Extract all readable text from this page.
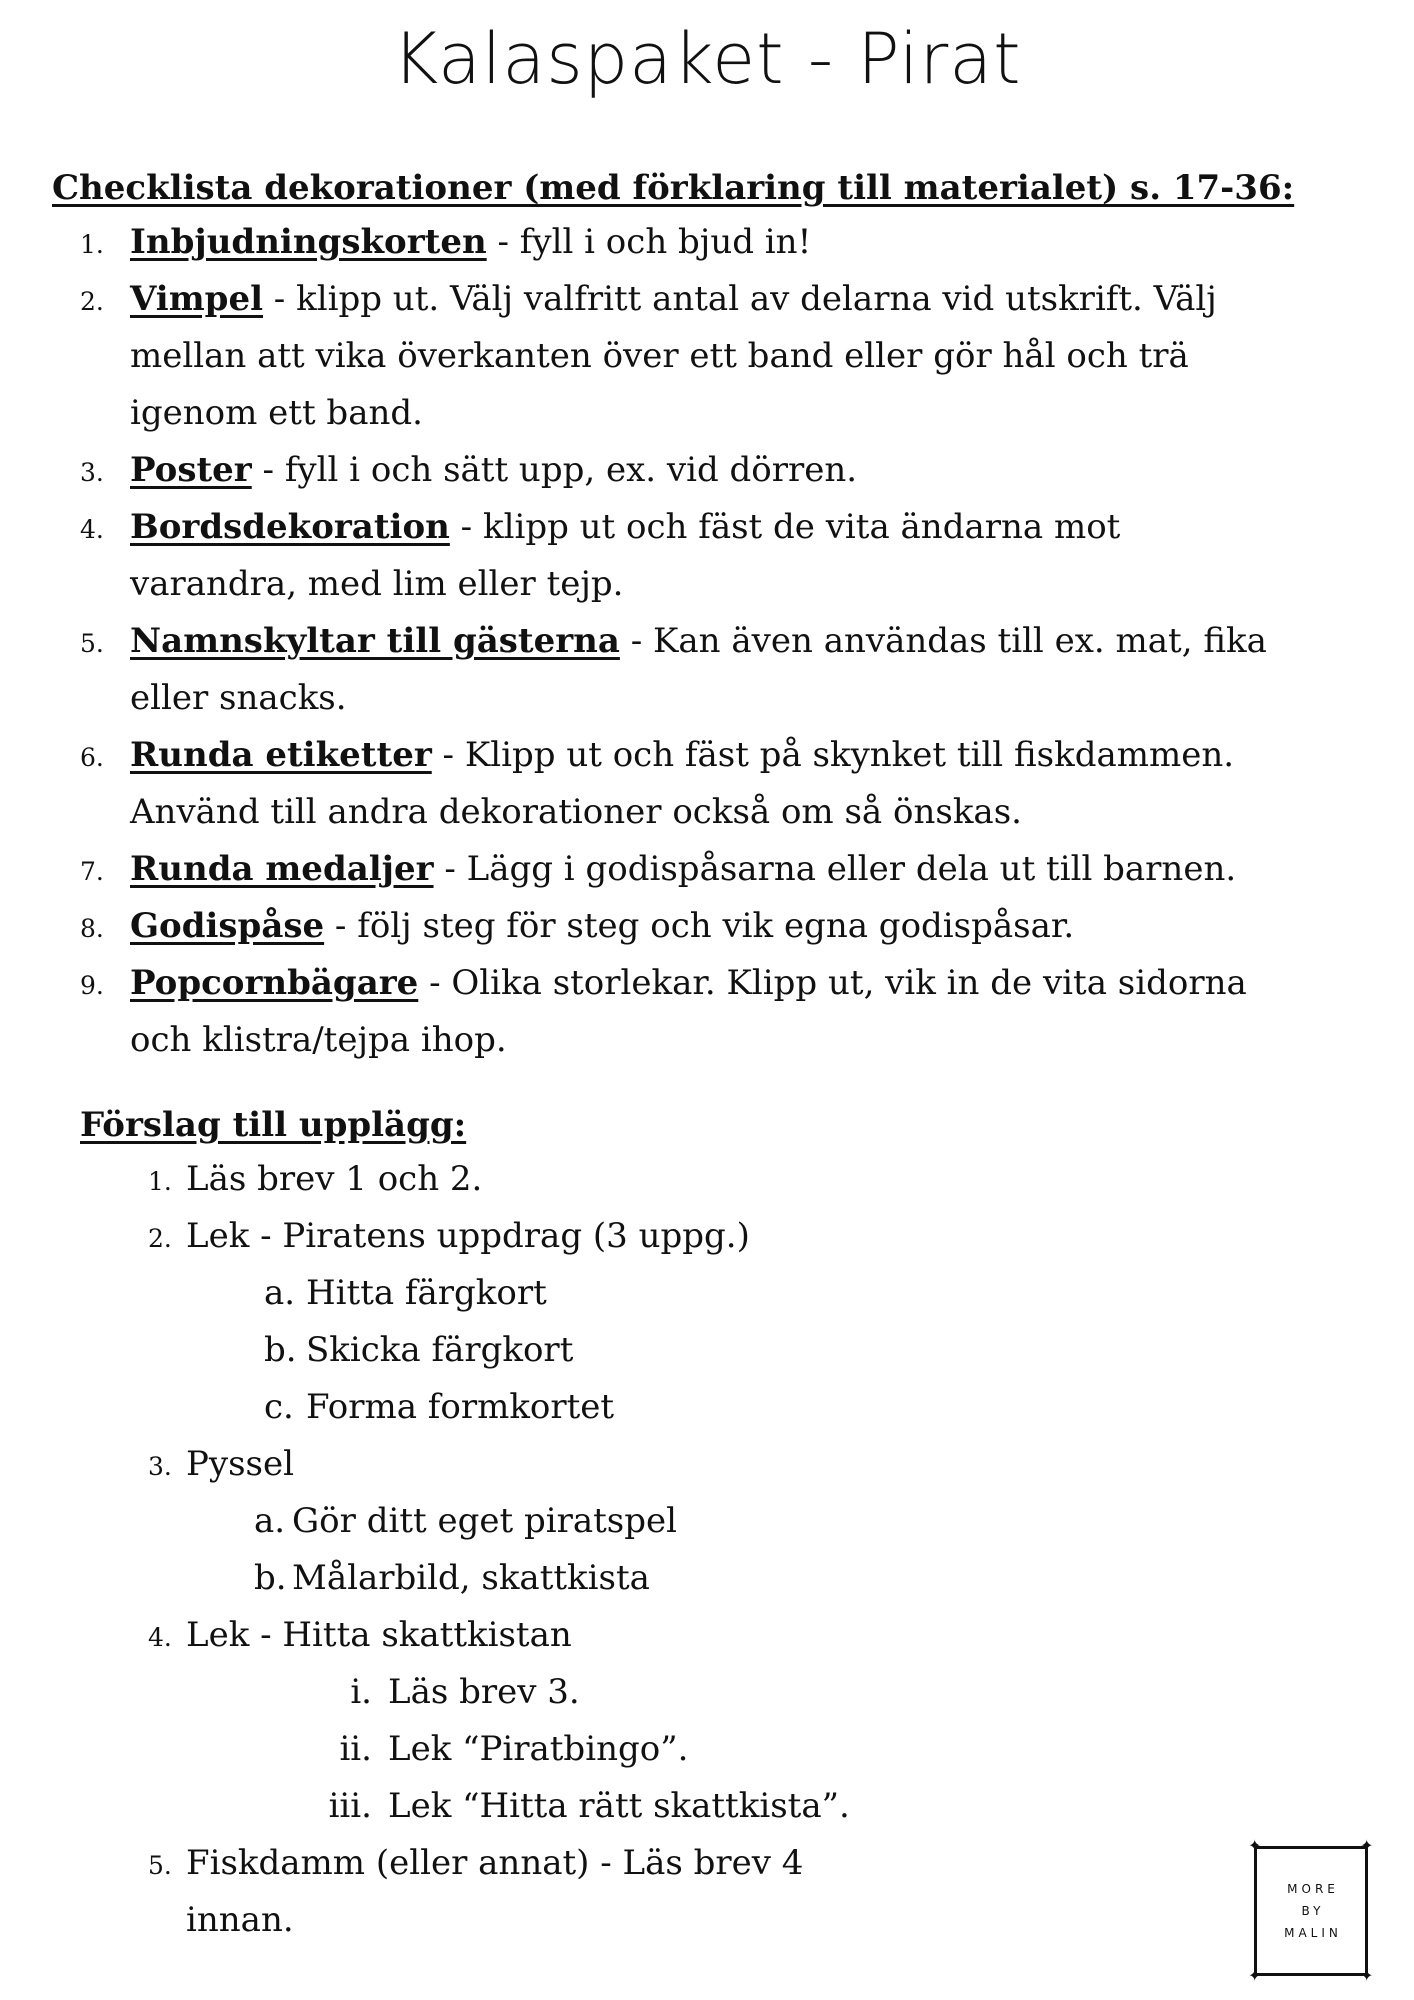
Kalaspaket - Pirat

Checklista dekorationer (med förklaring till materialet) s. 17-36:

1. Inbjudningskorten - fyll i och bjud in!
2. Vimpel - klipp ut. Välj valfritt antal av delarna vid utskrift. Välj mellan att vika överkanten över ett band eller gör hål och trä igenom ett band.
3. Poster - fyll i och sätt upp, ex. vid dörren.
4. Bordsdekoration - klipp ut och fäst de vita ändarna mot varandra, med lim eller tejp.
5. Namnskyltar till gästerna - Kan även användas till ex. mat, fika eller snacks.
6. Runda etiketter - Klipp ut och fäst på skynket till fiskdammen. Använd till andra dekorationer också om så önskas.
7. Runda medaljer - Lägg i godispåsarna eller dela ut till barnen.
8. Godispåse - följ steg för steg och vik egna godispåsar.
9. Popcornbägare - Olika storlekar. Klipp ut, vik in de vita sidorna och klistra/tejpa ihop.

Förslag till upplägg:

1. Läs brev 1 och 2.
2. Lek - Piratens uppdrag (3 uppg.)
a. Hitta färgkort
b. Skicka färgkort
c. Forma formkortet
3. Pyssel
a. Gör ditt eget piratspel
b. Målarbild, skattkista
4. Lek - Hitta skattkistan
i. Läs brev 3.
ii. Lek “Piratbingo”.
iii. Lek “Hitta rätt skattkista”.
5. Fiskdamm (eller annat) - Läs brev 4 innan.
✦	✦
✦	✦
MORE
BY
MALIN
